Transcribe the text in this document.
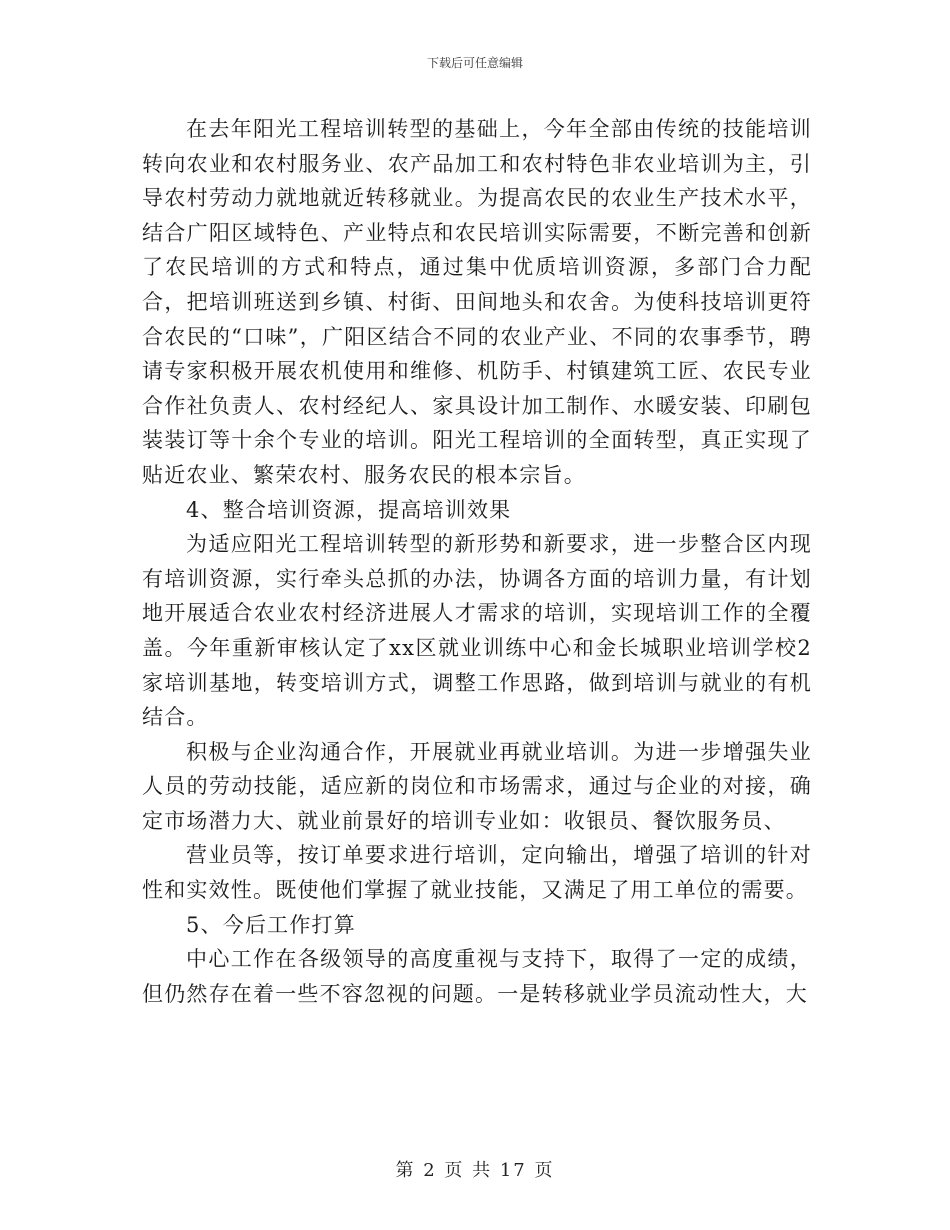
下载后可任意编辑

在去年阳光工程培训转型的基础上，今年全部由传统的技能培训转向农业和农村服务业、农产品加工和农村特色非农业培训为主，引导农村劳动力就地就近转移就业。为提高农民的农业生产技术水平，结合广阳区域特色、产业特点和农民培训实际需要，不断完善和创新了农民培训的方式和特点，通过集中优质培训资源，多部门合力配合，把培训班送到乡镇、村街、田间地头和农舍。为使科技培训更符合农民的“口味”，广阳区结合不同的农业产业、不同的农事季节，聘请专家积极开展农机使用和维修、机防手、村镇建筑工匠、农民专业合作社负责人、农村经纪人、家具设计加工制作、水暖安装、印刷包装装订等十余个专业的培训。阳光工程培训的全面转型，真正实现了贴近农业、繁荣农村、服务农民的根本宗旨。

4、整合培训资源，提高培训效果

为适应阳光工程培训转型的新形势和新要求，进一步整合区内现有培训资源，实行牵头总抓的办法，协调各方面的培训力量，有计划地开展适合农业农村经济进展人才需求的培训，实现培训工作的全覆盖。今年重新审核认定了xx区就业训练中心和金长城职业培训学校2家培训基地，转变培训方式，调整工作思路，做到培训与就业的有机结合。

积极与企业沟通合作，开展就业再就业培训。为进一步增强失业人员的劳动技能，适应新的岗位和市场需求，通过与企业的对接，确定市场潜力大、就业前景好的培训专业如：收银员、餐饮服务员、

营业员等，按订单要求进行培训，定向输出，增强了培训的针对性和实效性。既使他们掌握了就业技能，又满足了用工单位的需要。

5、今后工作打算

中心工作在各级领导的高度重视与支持下，取得了一定的成绩，但仍然存在着一些不容忽视的问题。一是转移就业学员流动性大，大

第 2 页 共 17 页
